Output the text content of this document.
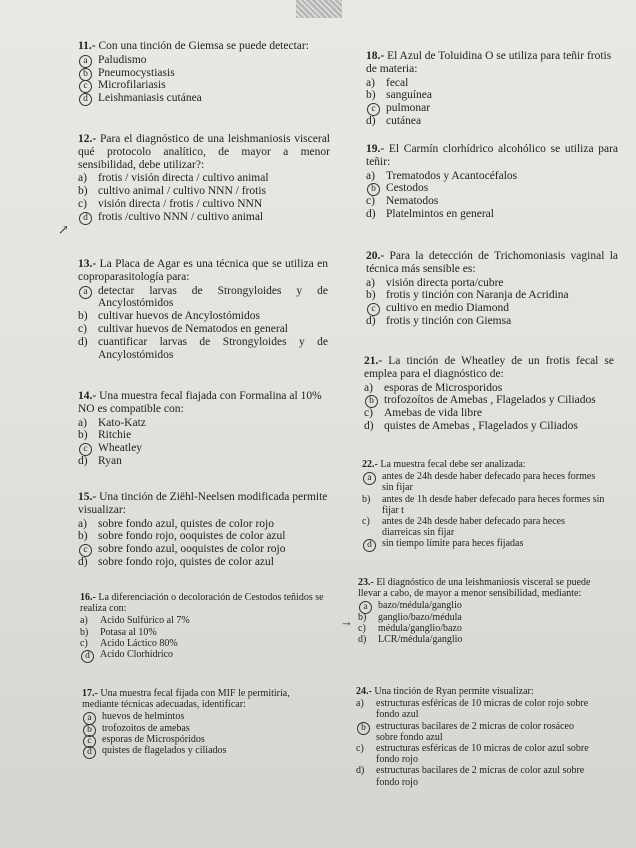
11.- Con una tinción de Giemsa se puede detectar:
a Paludismo
b Pneumocystiasis
c Microfilariasis
d Leishmaniasis cutánea
12.- Para el diagnóstico de una leishmaniosis visceral qué protocolo analítico, de mayor a menor sensibilidad, debe utilizar?:
a) frotis / visión directa / cultivo animal
b) cultivo animal / cultivo NNN / frotis
c) visión directa / frotis / cultivo NNN
d frotis /cultivo NNN / cultivo animal
↗
13.- La Placa de Agar es una técnica que se utiliza en coproparasitología para:
a detectar larvas de Strongyloides y de Ancylostómidos
b) cultivar huevos de Ancylostómidos
c) cultivar huevos de Nematodos en general
d) cuantificar larvas de Strongyloides y de Ancylostómidos
14.- Una muestra fecal fiajada con Formalina al 10% NO es compatible con:
a) Kato-Katz
b) Ritchie
c Wheatley
d) Ryan
15.- Una tinción de Ziëhl-Neelsen modificada permite visualizar:
a) sobre fondo azul, quistes de color rojo
b) sobre fondo rojo, ooquistes de color azul
c sobre fondo azul, ooquistes de color rojo
d) sobre fondo rojo, quistes de color azul
16.- La diferenciación o decoloración de Cestodos teñidos se realiza con:
a)	Acido Sulfúrico al 7%
b)	Potasa al 10%
c)	Acido Láctico 80%
d	Acido Clorhídrico
17.- Una muestra fecal fijada con MIF le permitiría, mediante técnicas adecuadas, identificar:
a	huevos de helmintos
b	trofozoitos de amebas
c	esporas de Microspóridos
d	quistes de flagelados y ciliados
18.- El Azul de Toluidina O se utiliza para teñir frotis de materia:
a) fecal
b) sanguínea
c pulmonar
d) cutánea
19.- El Carmín clorhídrico alcohólico se utiliza para teñir:
a) Trematodos y Acantocéfalos
b Cestodos
c) Nematodos
d) Platelmintos en general
20.- Para la detección de Trichomoniasis vaginal la técnica más sensible es:
a) visión directa porta/cubre
b) frotis y tinción con Naranja de Acridina
c cultivo en medio Diamond
d) frotis y tinción con Giemsa
21.- La tinción de Wheatley de un frotis fecal se emplea para el diagnóstico de:
a) esporas de Microsporidos
b trofozoítos de Amebas , Flagelados y Ciliados
c) Amebas de vida libre
d) quistes de Amebas , Flagelados y Ciliados
22.- La muestra fecal debe ser analizada:
a	antes de 24h desde haber defecado para heces formes sin fijar
b)	antes de 1h desde haber defecado para heces formes sin fijar t
c)	antes de 24h desde haber defecado para heces diarreicas sin fijar
d	sin tiempo límite para heces fijadas
23.- El diagnóstico de una leishmaniosis visceral se puede llevar a cabo, de mayor a menor sensibilidad, mediante:
a	bazo/médula/ganglio
b)	ganglio/bazo/médula
c)	médula/ganglio/bazo
d)	LCR/médula/ganglio
→
24.- Una tinción de Ryan permite visualizar:
a)	estructuras esféricas de 10 micras de color rojo sobre fondo azul
b	estructuras bacilares de 2 micras de color rosáceo sobre fondo azul
c)	estructuras esféricas de 10 micras de color azul sobre fondo rojo
d)	estructuras bacilares de 2 micras de color azul sobre fondo rojo
